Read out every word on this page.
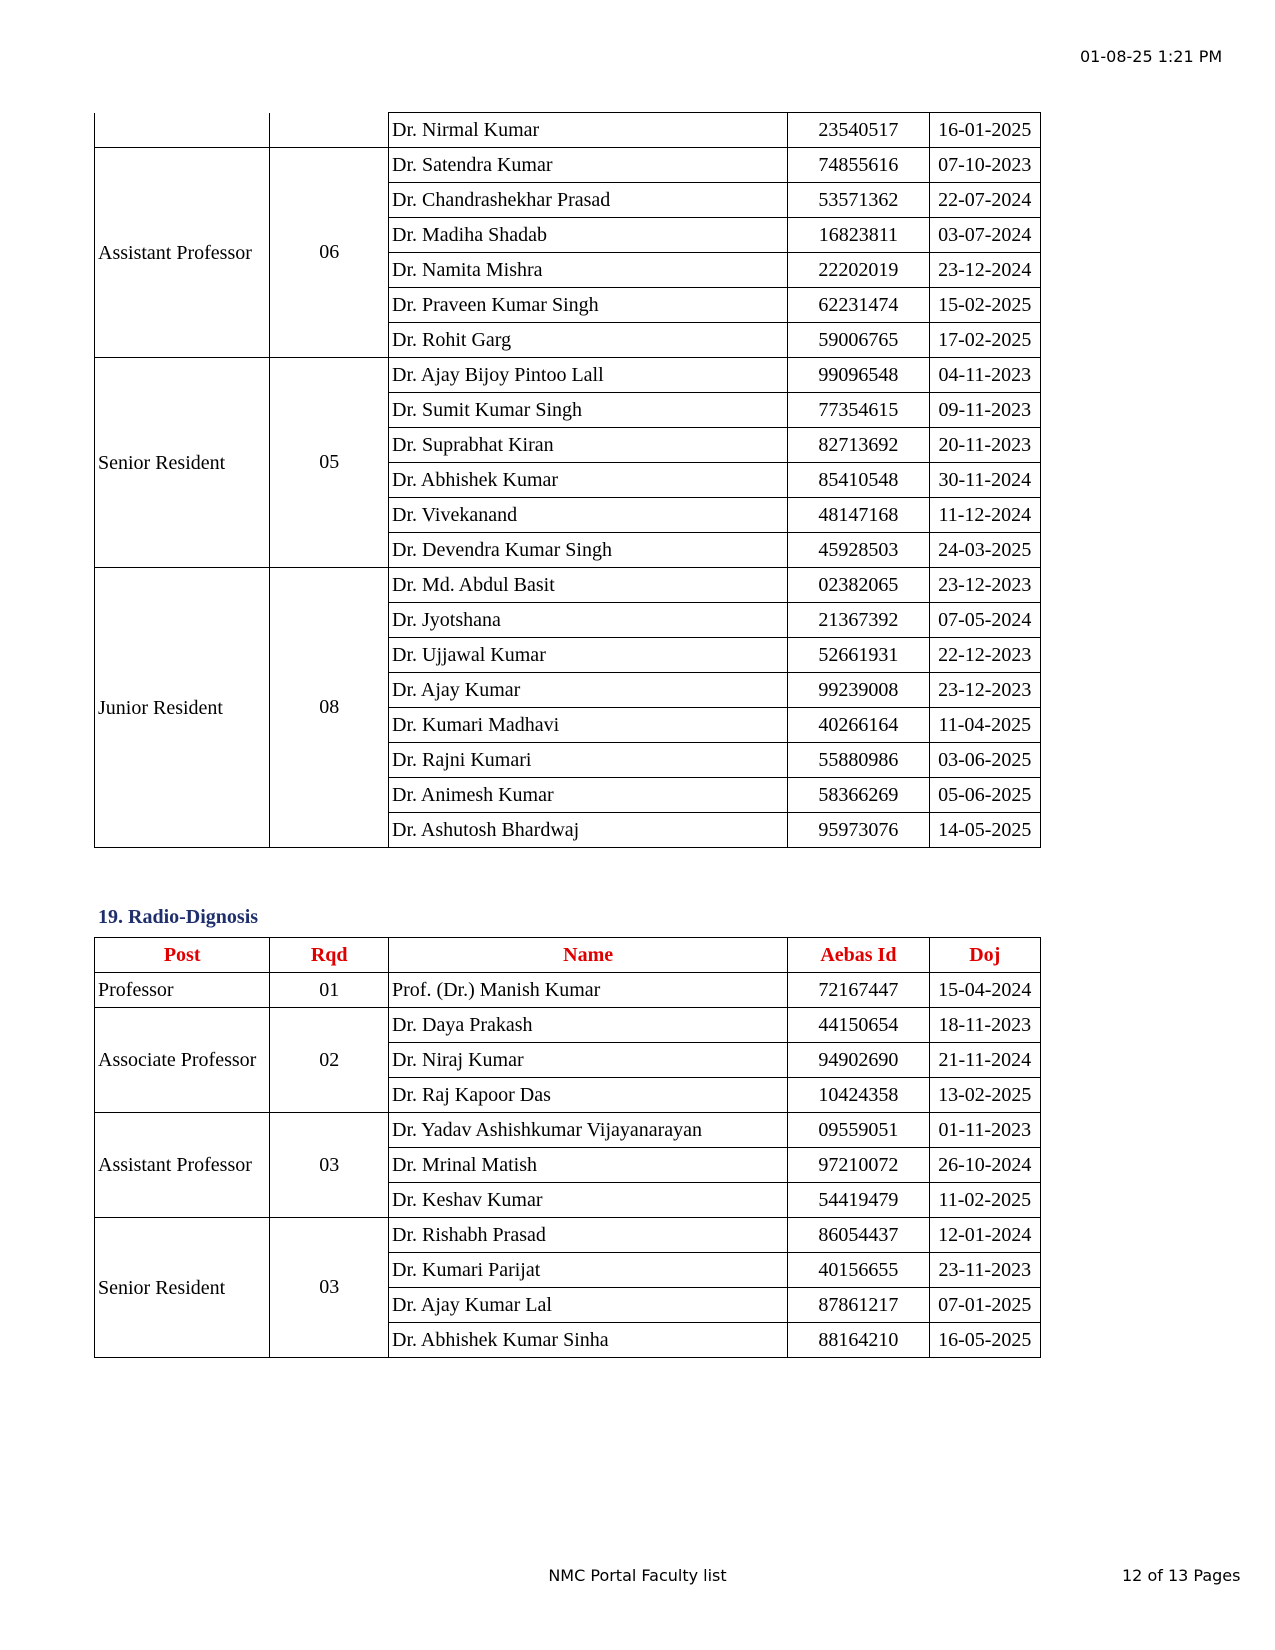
01-08-25 1:21 PM
		Dr. Nirmal Kumar	23540517	16-01-2025
Assistant Professor	06	Dr. Satendra Kumar	74855616	07-10-2023
		Dr. Chandrashekhar Prasad	53571362	22-07-2024
		Dr. Madiha Shadab	16823811	03-07-2024
		Dr. Namita Mishra	22202019	23-12-2024
		Dr. Praveen Kumar Singh	62231474	15-02-2025
		Dr. Rohit Garg	59006765	17-02-2025
Senior Resident	05	Dr. Ajay Bijoy Pintoo Lall	99096548	04-11-2023
		Dr. Sumit Kumar Singh	77354615	09-11-2023
		Dr. Suprabhat Kiran	82713692	20-11-2023
		Dr. Abhishek Kumar	85410548	30-11-2024
		Dr. Vivekanand	48147168	11-12-2024
		Dr. Devendra Kumar Singh	45928503	24-03-2025
Junior Resident	08	Dr. Md. Abdul Basit	02382065	23-12-2023
		Dr. Jyotshana	21367392	07-05-2024
		Dr. Ujjawal Kumar	52661931	22-12-2023
		Dr. Ajay Kumar	99239008	23-12-2023
		Dr. Kumari Madhavi	40266164	11-04-2025
		Dr. Rajni Kumari	55880986	03-06-2025
		Dr. Animesh Kumar	58366269	05-06-2025
		Dr. Ashutosh Bhardwaj	95973076	14-05-2025
19. Radio-Dignosis
Post	Rqd	Name	Aebas Id	Doj
Professor	01	Prof. (Dr.) Manish Kumar	72167447	15-04-2024
Associate Professor	02	Dr. Daya Prakash	44150654	18-11-2023
		Dr. Niraj Kumar	94902690	21-11-2024
		Dr. Raj Kapoor Das	10424358	13-02-2025
Assistant Professor	03	Dr. Yadav Ashishkumar Vijayanarayan	09559051	01-11-2023
		Dr. Mrinal Matish	97210072	26-10-2024
		Dr. Keshav Kumar	54419479	11-02-2025
Senior Resident	03	Dr. Rishabh Prasad	86054437	12-01-2024
		Dr. Kumari Parijat	40156655	23-11-2023
		Dr. Ajay Kumar Lal	87861217	07-01-2025
		Dr. Abhishek Kumar Sinha	88164210	16-05-2025
NMC Portal Faculty list	12 of 13 Pages
